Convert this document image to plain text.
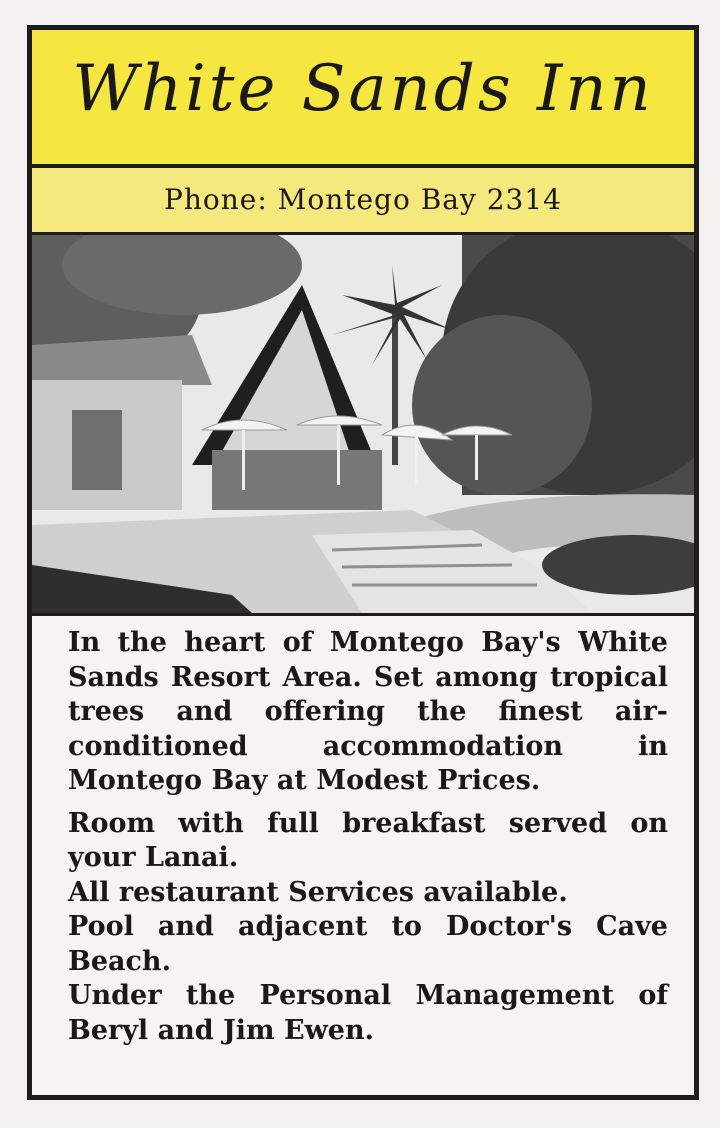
White Sands Inn
Phone: Montego Bay 2314

In the heart of Montego Bay's White Sands Resort Area. Set among tropical trees and offering the finest air-conditioned accommodation in Montego Bay at Modest Prices.

Room with full breakfast served on your Lanai.

All restaurant Services available.

Pool and adjacent to Doctor's Cave Beach.

Under the Personal Management of Beryl and Jim Ewen.
